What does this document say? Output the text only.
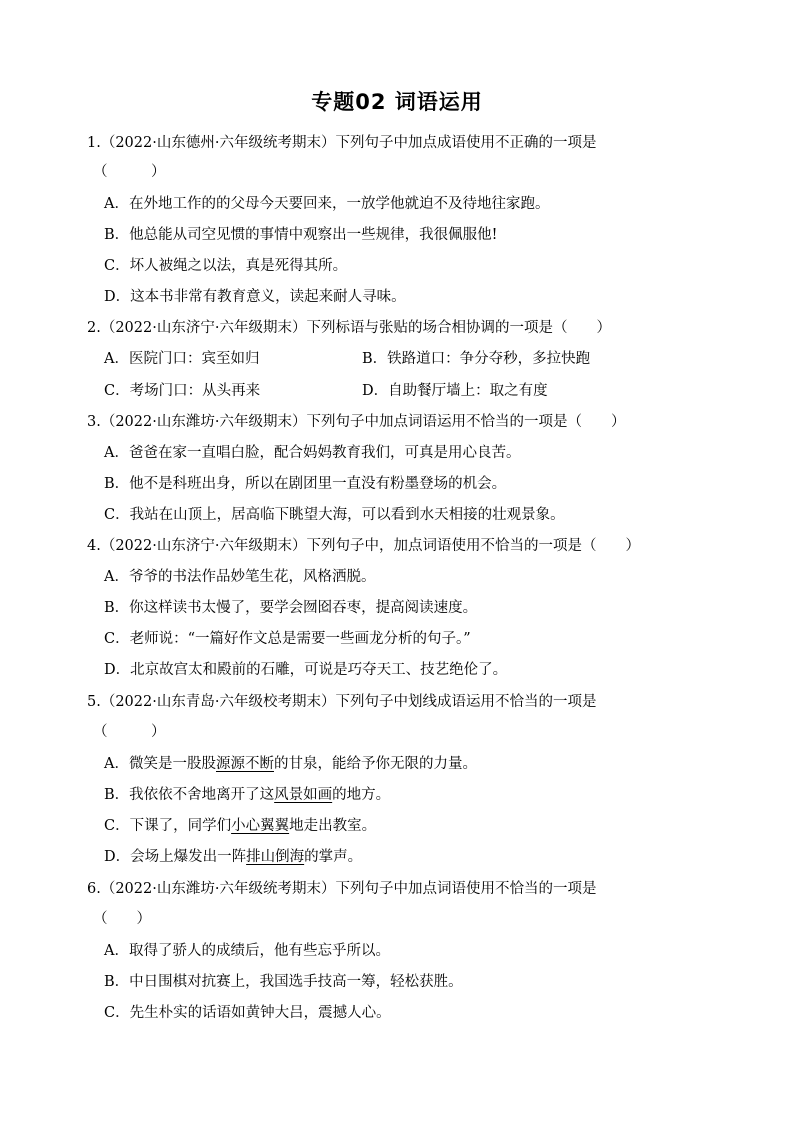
专题02 词语运用
1.（2022·山东德州·六年级统考期末）下列句子中加点成语使用不正确的一项是
（　　　）
A．在外地工作的的父母今天要回来，一放学他就迫不及待地往家跑。
B．他总能从司空见惯的事情中观察出一些规律，我很佩服他!
C．坏人被绳之以法，真是死得其所。
D．这本书非常有教育意义，读起来耐人寻味。
2.（2022·山东济宁·六年级期末）下列标语与张贴的场合相协调的一项是（　　）
A．医院门口：宾至如归	B．铁路道口：争分夺秒，多拉快跑
C．考场门口：从头再来	D．自助餐厅墙上：取之有度
3.（2022·山东潍坊·六年级期末）下列句子中加点词语运用不恰当的一项是（　　）
A．爸爸在家一直唱白脸，配合妈妈教育我们，可真是用心良苦。
B．他不是科班出身，所以在剧团里一直没有粉墨登场的机会。
C．我站在山顶上，居高临下眺望大海，可以看到水天相接的壮观景象。
4.（2022·山东济宁·六年级期末）下列句子中，加点词语使用不恰当的一项是（　　）
A．爷爷的书法作品妙笔生花，风格洒脱。
B．你这样读书太慢了，要学会囫囵吞枣，提高阅读速度。
C．老师说：“一篇好作文总是需要一些画龙分析的句子。”
D．北京故宫太和殿前的石雕，可说是巧夺天工、技艺绝伦了。
5.（2022·山东青岛·六年级校考期末）下列句子中划线成语运用不恰当的一项是
（　　　）
A．微笑是一股股源源不断的甘泉，能给予你无限的力量。
B．我依依不舍地离开了这风景如画的地方。
C．下课了，同学们小心翼翼地走出教室。
D．会场上爆发出一阵排山倒海的掌声。
6.（2022·山东潍坊·六年级统考期末）下列句子中加点词语使用不恰当的一项是
（　　）
A．取得了骄人的成绩后，他有些忘乎所以。
B．中日围棋对抗赛上，我国选手技高一筹，轻松获胜。
C．先生朴实的话语如黄钟大吕，震撼人心。
